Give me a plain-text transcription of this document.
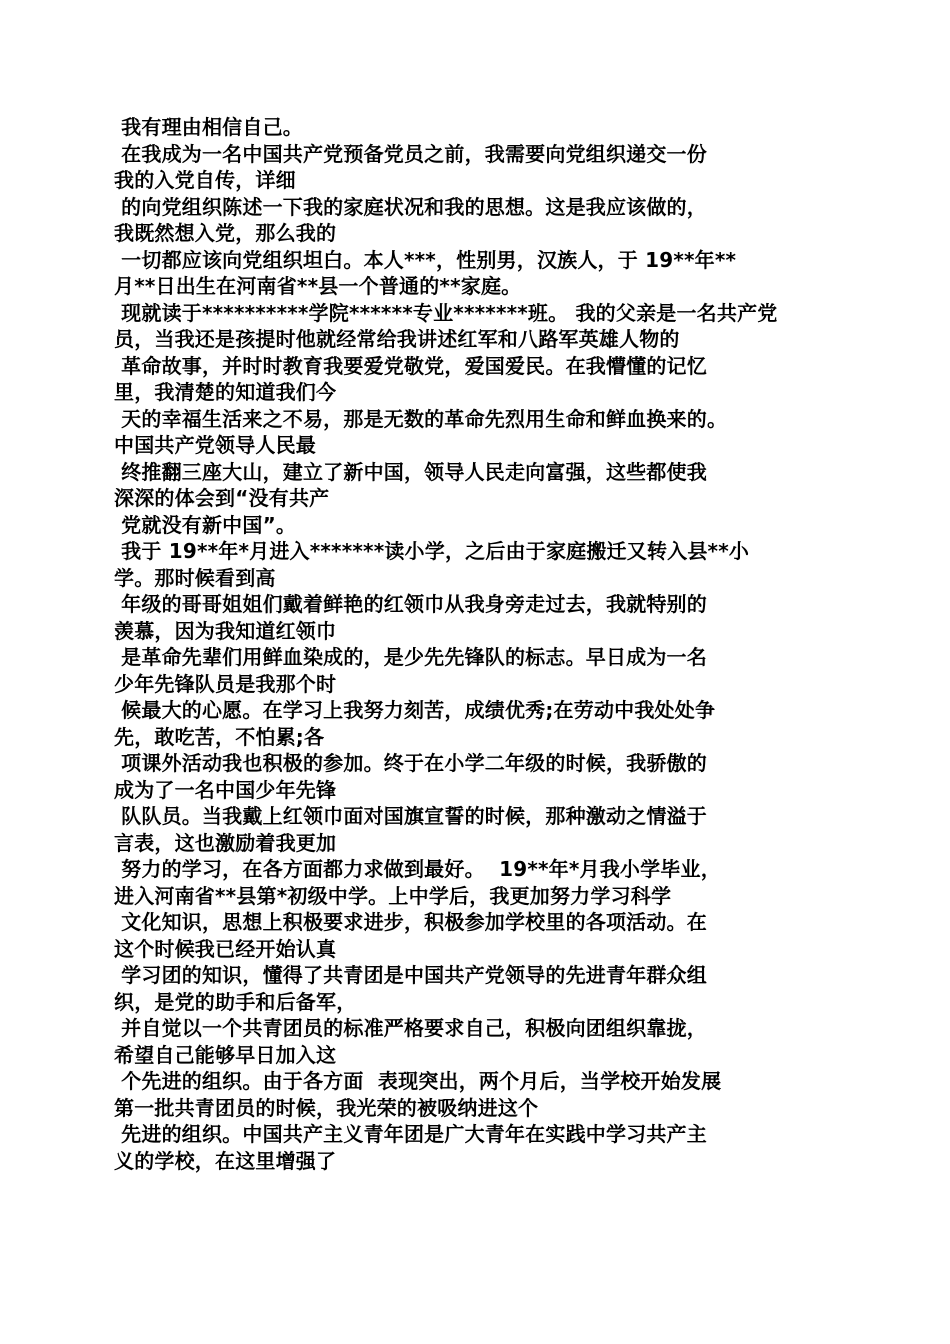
我有理由相信自己。
在我成为一名中国共产党预备党员之前，我需要向党组织递交一份
我的入党自传，详细
的向党组织陈述一下我的家庭状况和我的思想。这是我应该做的，
我既然想入党，那么我的
一切都应该向党组织坦白。本人***，性别男，汉族人，于 19**年**
月**日出生在河南省**县一个普通的**家庭。
现就读于**********学院******专业*******班。 我的父亲是一名共产党
员，当我还是孩提时他就经常给我讲述红军和八路军英雄人物的
革命故事，并时时教育我要爱党敬党，爱国爱民。在我懵懂的记忆
里，我清楚的知道我们今
天的幸福生活来之不易，那是无数的革命先烈用生命和鲜血换来的。
中国共产党领导人民最
终推翻三座大山，建立了新中国，领导人民走向富强，这些都使我
深深的体会到“没有共产
党就没有新中国”。
我于 19**年*月进入*******读小学，之后由于家庭搬迁又转入县**小
学。那时候看到高
年级的哥哥姐姐们戴着鲜艳的红领巾从我身旁走过去，我就特别的
羡慕，因为我知道红领巾
是革命先辈们用鲜血染成的，是少先先锋队的标志。早日成为一名
少年先锋队员是我那个时
候最大的心愿。在学习上我努力刻苦，成绩优秀;在劳动中我处处争
先，敢吃苦，不怕累;各
项课外活动我也积极的参加。终于在小学二年级的时候，我骄傲的
成为了一名中国少年先锋
队队员。当我戴上红领巾面对国旗宣誓的时候，那种激动之情溢于
言表，这也激励着我更加
努力的学习，在各方面都力求做到最好。  19**年*月我小学毕业，
进入河南省**县第*初级中学。上中学后，我更加努力学习科学
文化知识，思想上积极要求进步，积极参加学校里的各项活动。在
这个时候我已经开始认真
学习团的知识，懂得了共青团是中国共产党领导的先进青年群众组
织，是党的助手和后备军，
并自觉以一个共青团员的标准严格要求自己，积极向团组织靠拢，
希望自己能够早日加入这
个先进的组织。由于各方面  表现突出，两个月后，当学校开始发展
第一批共青团员的时候，我光荣的被吸纳进这个
先进的组织。中国共产主义青年团是广大青年在实践中学习共产主
义的学校，在这里增强了
